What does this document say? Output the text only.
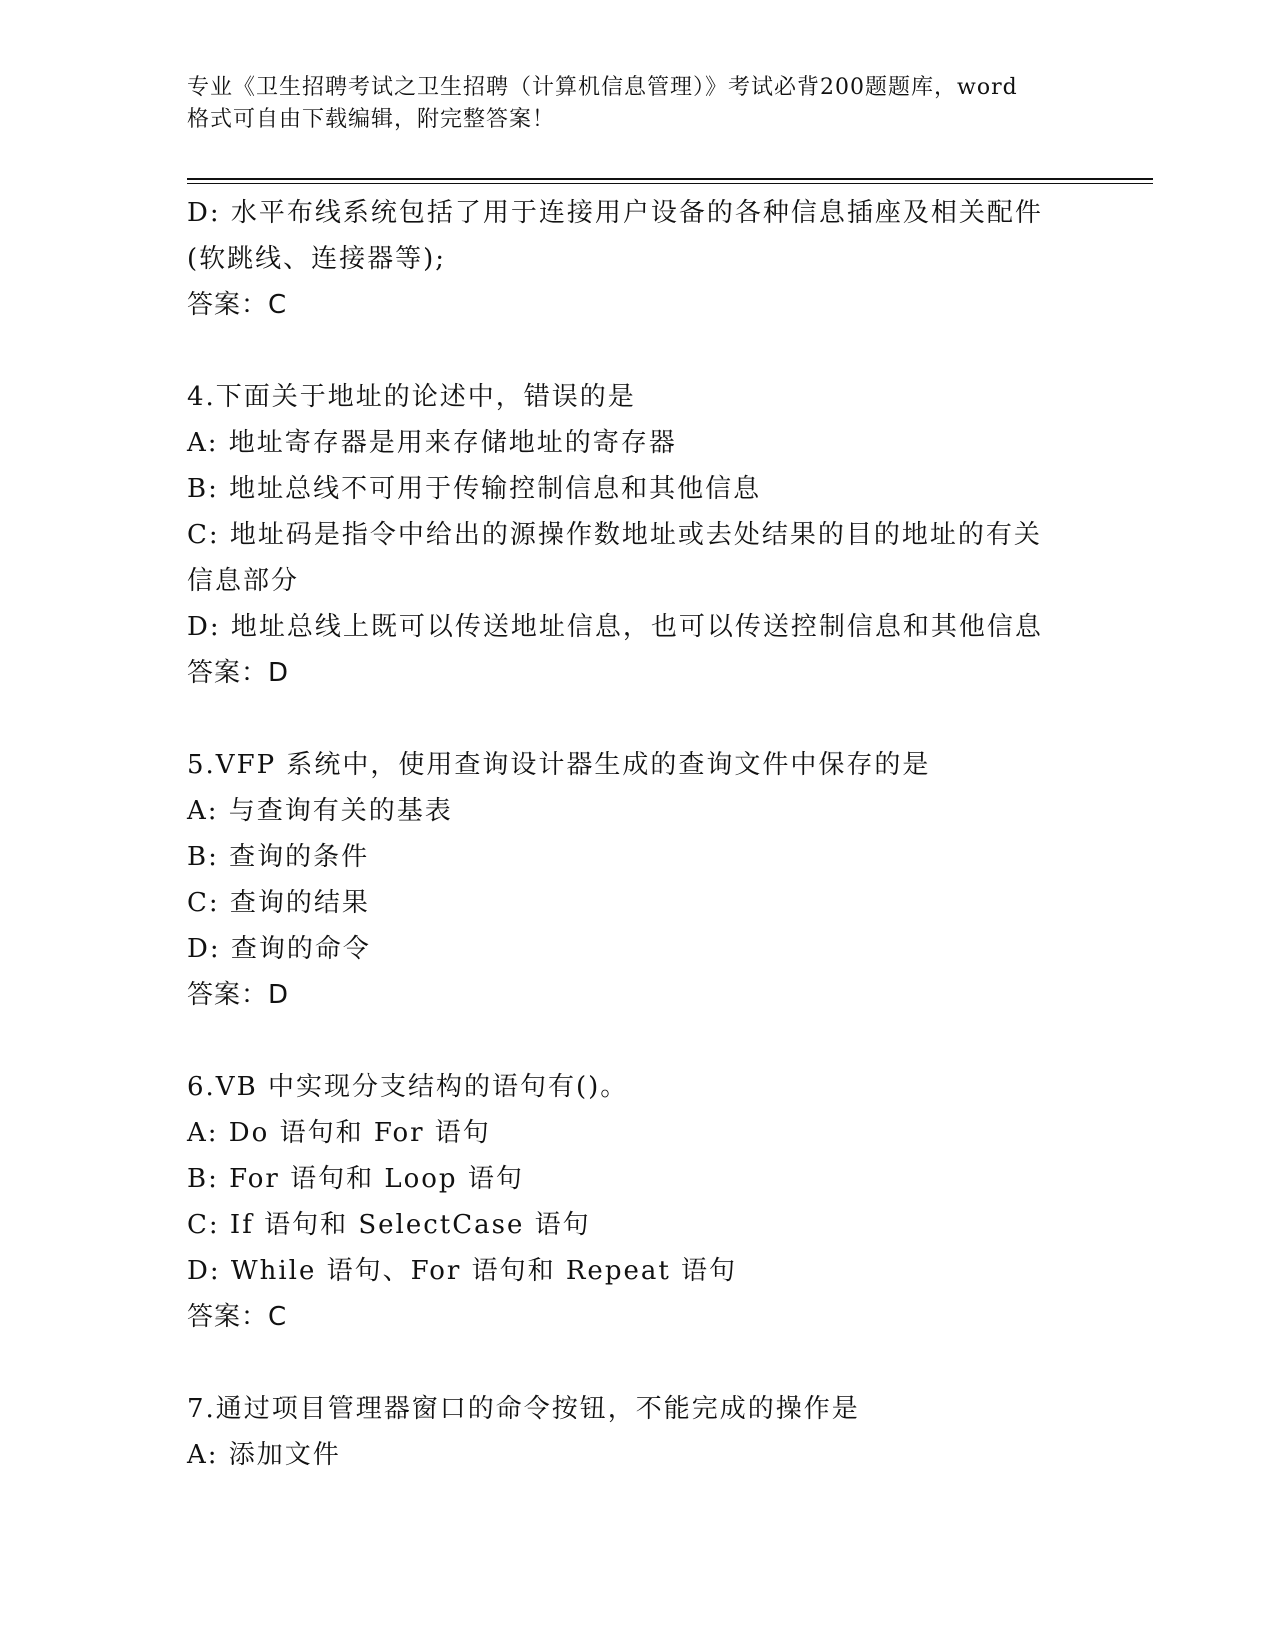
专业《卫生招聘考试之卫生招聘（计算机信息管理）》考试必背200题题库，word
格式可自由下载编辑，附完整答案！
D: 水平布线系统包括了用于连接用户设备的各种信息插座及相关配件
(软跳线、连接器等);
答案：C
4.下面关于地址的论述中，错误的是
A: 地址寄存器是用来存储地址的寄存器
B: 地址总线不可用于传输控制信息和其他信息
C: 地址码是指令中给出的源操作数地址或去处结果的目的地址的有关
信息部分
D: 地址总线上既可以传送地址信息，也可以传送控制信息和其他信息
答案：D
5.VFP 系统中，使用查询设计器生成的查询文件中保存的是
A: 与查询有关的基表
B: 查询的条件
C: 查询的结果
D: 查询的命令
答案：D
6.VB 中实现分支结构的语句有()。
A: Do 语句和 For 语句
B: For 语句和 Loop 语句
C: If 语句和 SelectCase 语句
D: While 语句、For 语句和 Repeat 语句
答案：C
7.通过项目管理器窗口的命令按钮，不能完成的操作是
A: 添加文件
